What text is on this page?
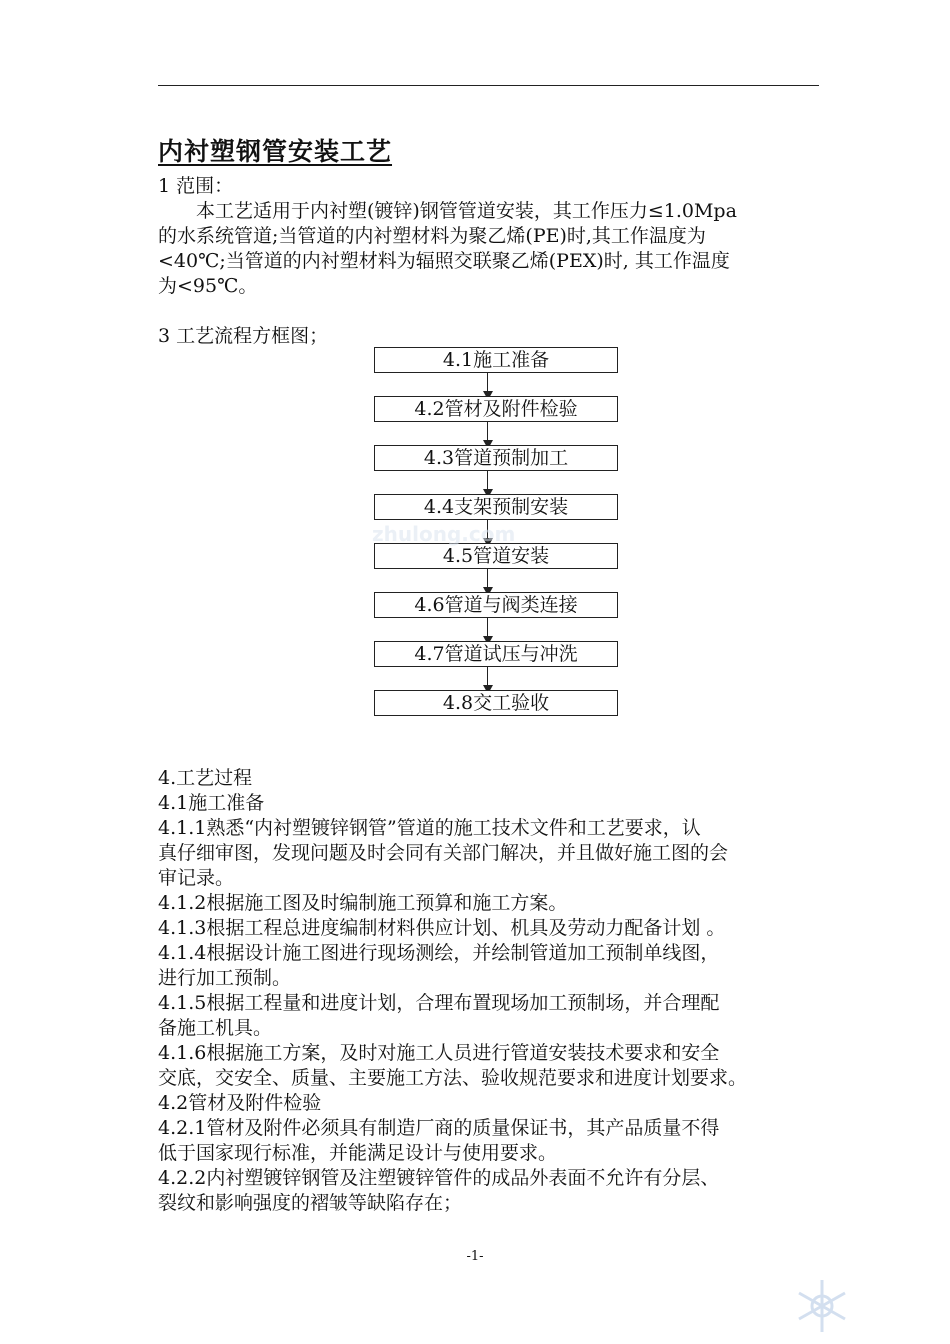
内衬塑钢管安装工艺
1 范围：
　　本工艺适用于内衬塑(镀锌)钢管管道安装，其工作压力≤1.0Mpa
的水系统管道;当管道的内衬塑材料为聚乙烯(PE)时,其工作温度为
<40℃;当管道的内衬塑材料为辐照交联聚乙烯(PEX)时, 其工作温度
为<95℃。
3 工艺流程方框图；
4.1施工准备
4.2管材及附件检验
4.3管道预制加工
4.4支架预制安装
4.5管道安装
4.6管道与阀类连接
4.7管道试压与冲洗
4.8交工验收
zhulong.com
4.工艺过程
4.1施工准备
4.1.1熟悉“内衬塑镀锌钢管”管道的施工技术文件和工艺要求，认
真仔细审图，发现问题及时会同有关部门解决，并且做好施工图的会
审记录。
4.1.2根据施工图及时编制施工预算和施工方案。
4.1.3根据工程总进度编制材料供应计划、机具及劳动力配备计划 。
4.1.4根据设计施工图进行现场测绘，并绘制管道加工预制单线图，
进行加工预制。
4.1.5根据工程量和进度计划，合理布置现场加工预制场，并合理配
备施工机具。
4.1.6根据施工方案，及时对施工人员进行管道安装技术要求和安全
交底，交安全、质量、主要施工方法、验收规范要求和进度计划要求。
4.2管材及附件检验
4.2.1管材及附件必须具有制造厂商的质量保证书，其产品质量不得
低于国家现行标准，并能满足设计与使用要求。
4.2.2内衬塑镀锌钢管及注塑镀锌管件的成品外表面不允许有分层、
裂纹和影响强度的褶皱等缺陷存在；
-1-
